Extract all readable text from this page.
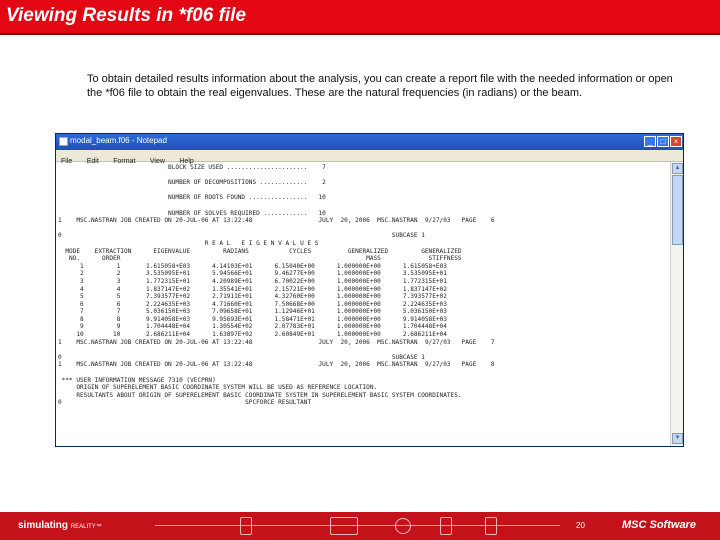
Viewing Results in *f06 file

To obtain detailed results information about the analysis, you can create a report file with the needed information or open the *f06 file to obtain the real eigenvalues. These are the natural frequencies (in radians) or the beam.

modal_beam.f06 - Notepad	_	□	×
File Edit Format View Help
BLOCK SIZE USED ......................    7

NUMBER OF DECOMPOSITIONS .............    2

NUMBER OF ROOTS FOUND ................   10

NUMBER OF SOLVES REQUIRED ............   10
1    MSC.NASTRAN JOB CREATED ON 20-JUL-06 AT 13:22:48                  JULY  20, 2006  MSC.NASTRAN  9/27/03   PAGE    6

0                                                                                          SUBCASE 1
R E A L   E I G E N V A L U E S
MODE    EXTRACTION      EIGENVALUE         RADIANS           CYCLES          GENERALIZED         GENERALIZED
NO.      ORDER                                                                   MASS             STIFFNESS
1         1       1.615058+E03      4.14103E+01      6.15040E+00      1.000000E+00      1.615058+E03
2         2       3.535095E+01      5.94566E+01      9.46277E+00      1.000000E+00      3.535095E+01
3         3       1.772315E+01      4.20989E+01      6.70022E+00      1.000000E+00      1.772315E+01
4         4       1.837147E+02      1.35541E+01      2.15721E+00      1.000000E+00      1.837147E+02
5         5       7.393577E+02      2.71911E+01      4.32760E+00      1.000000E+00      7.393577E+02
6         6       2.224635E+03      4.71660E+01      7.50668E+00      1.000000E+00      2.224635E+03
7         7       5.036150E+03      7.09658E+01      1.12946E+01      1.000000E+00      5.036150E+03
8         8       9.914058E+03      9.95693E+01      1.58471E+01      1.000000E+00      9.914058E+03
9         9       1.704448E+04      1.30554E+02      2.07783E+01      1.000000E+00      1.704448E+04
10        10       2.686211E+04      1.63897E+02      2.60849E+01      1.000000E+00      2.686211E+04
1    MSC.NASTRAN JOB CREATED ON 20-JUL-06 AT 13:22:48                  JULY  20, 2006  MSC.NASTRAN  9/27/03   PAGE    7

0                                                                                          SUBCASE 1
1    MSC.NASTRAN JOB CREATED ON 20-JUL-06 AT 13:22:48                  JULY  20, 2006  MSC.NASTRAN  9/27/03   PAGE    8

*** USER INFORMATION MESSAGE 7310 (VECPRN)
ORIGIN OF SUPERELEMENT BASIC COORDINATE SYSTEM WILL BE USED AS REFERENCE LOCATION.
RESULTANTS ABOUT ORIGIN OF SUPERELEMENT BASIC COORDINATE SYSTEM IN SUPERELEMENT BASIC SYSTEM COORDINATES.
0                                                  SPCFORCE RESULTANT
▲
▼
simulating REALITY™	20	MSC Software
